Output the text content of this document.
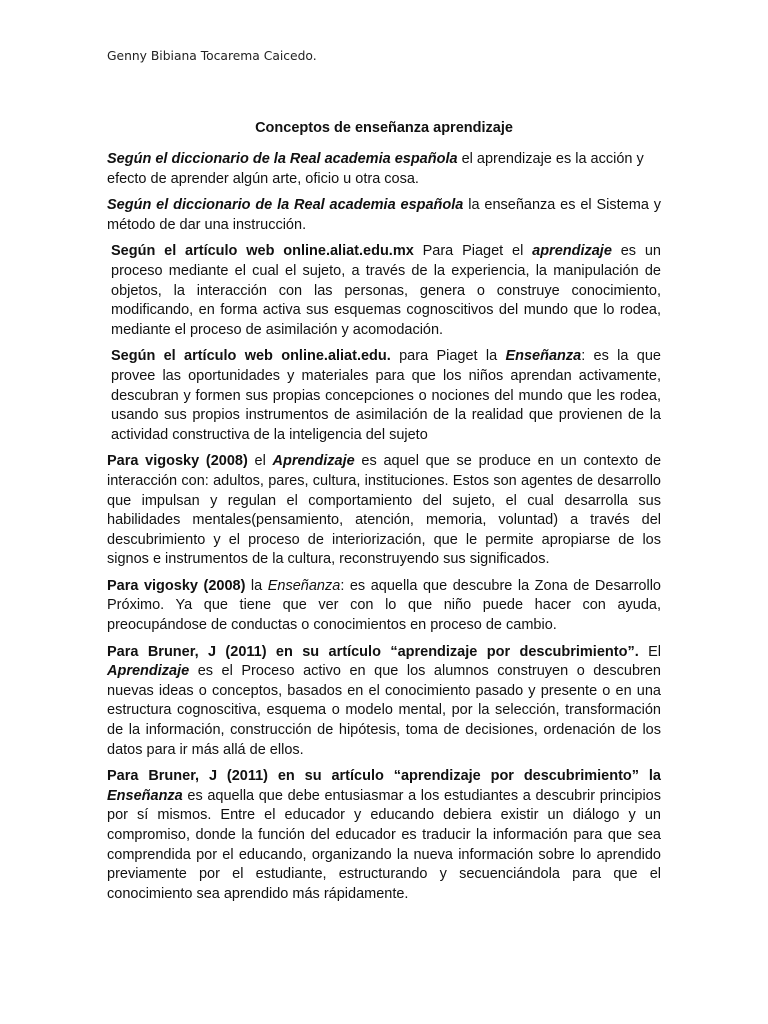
Genny Bibiana Tocarema Caicedo.
Conceptos de enseñanza aprendizaje

Según el diccionario de la Real academia española el aprendizaje es la acción y efecto de aprender algún arte, oficio u otra cosa.

Según el diccionario de la Real academia española la enseñanza es el Sistema y método de dar una instrucción.

Según el artículo web online.aliat.edu.mx Para Piaget el aprendizaje es un proceso mediante el cual el sujeto, a través de la experiencia, la manipulación de objetos, la interacción con las personas, genera o construye conocimiento, modificando, en forma activa sus esquemas cognoscitivos del mundo que lo rodea, mediante el proceso de asimilación y acomodación.

Según el artículo web online.aliat.edu. para Piaget la Enseñanza: es la que provee las oportunidades y materiales para que los niños aprendan activamente, descubran y formen sus propias concepciones o nociones del mundo que les rodea, usando sus propios instrumentos de asimilación de la realidad que provienen de la actividad constructiva de la inteligencia del sujeto

Para vigosky (2008) el Aprendizaje es aquel que se produce en un contexto de interacción con: adultos, pares, cultura, instituciones. Estos son agentes de desarrollo que impulsan y regulan el comportamiento del sujeto, el cual desarrolla sus habilidades mentales(pensamiento, atención, memoria, voluntad) a través del descubrimiento y el proceso de interiorización, que le permite apropiarse de los signos e instrumentos de la cultura, reconstruyendo sus significados.

Para vigosky (2008) la Enseñanza: es aquella que descubre la Zona de Desarrollo Próximo. Ya que tiene que ver con lo que niño puede hacer con ayuda, preocupándose de conductas o conocimientos en proceso de cambio.

Para Bruner, J (2011) en su artículo “aprendizaje por descubrimiento”. El Aprendizaje es el Proceso activo en que los alumnos construyen o descubren nuevas ideas o conceptos, basados en el conocimiento pasado y presente o en una estructura cognoscitiva, esquema o modelo mental, por la selección, transformación de la información, construcción de hipótesis, toma de decisiones, ordenación de los datos para ir más allá de ellos.

Para Bruner, J (2011) en su artículo “aprendizaje por descubrimiento” la Enseñanza es aquella que debe entusiasmar a los estudiantes a descubrir principios por sí mismos. Entre el educador y educando debiera existir un diálogo y un compromiso, donde la función del educador es traducir la información para que sea comprendida por el educando, organizando la nueva información sobre lo aprendido previamente por el estudiante, estructurando y secuenciándola para que el conocimiento sea aprendido más rápidamente.
